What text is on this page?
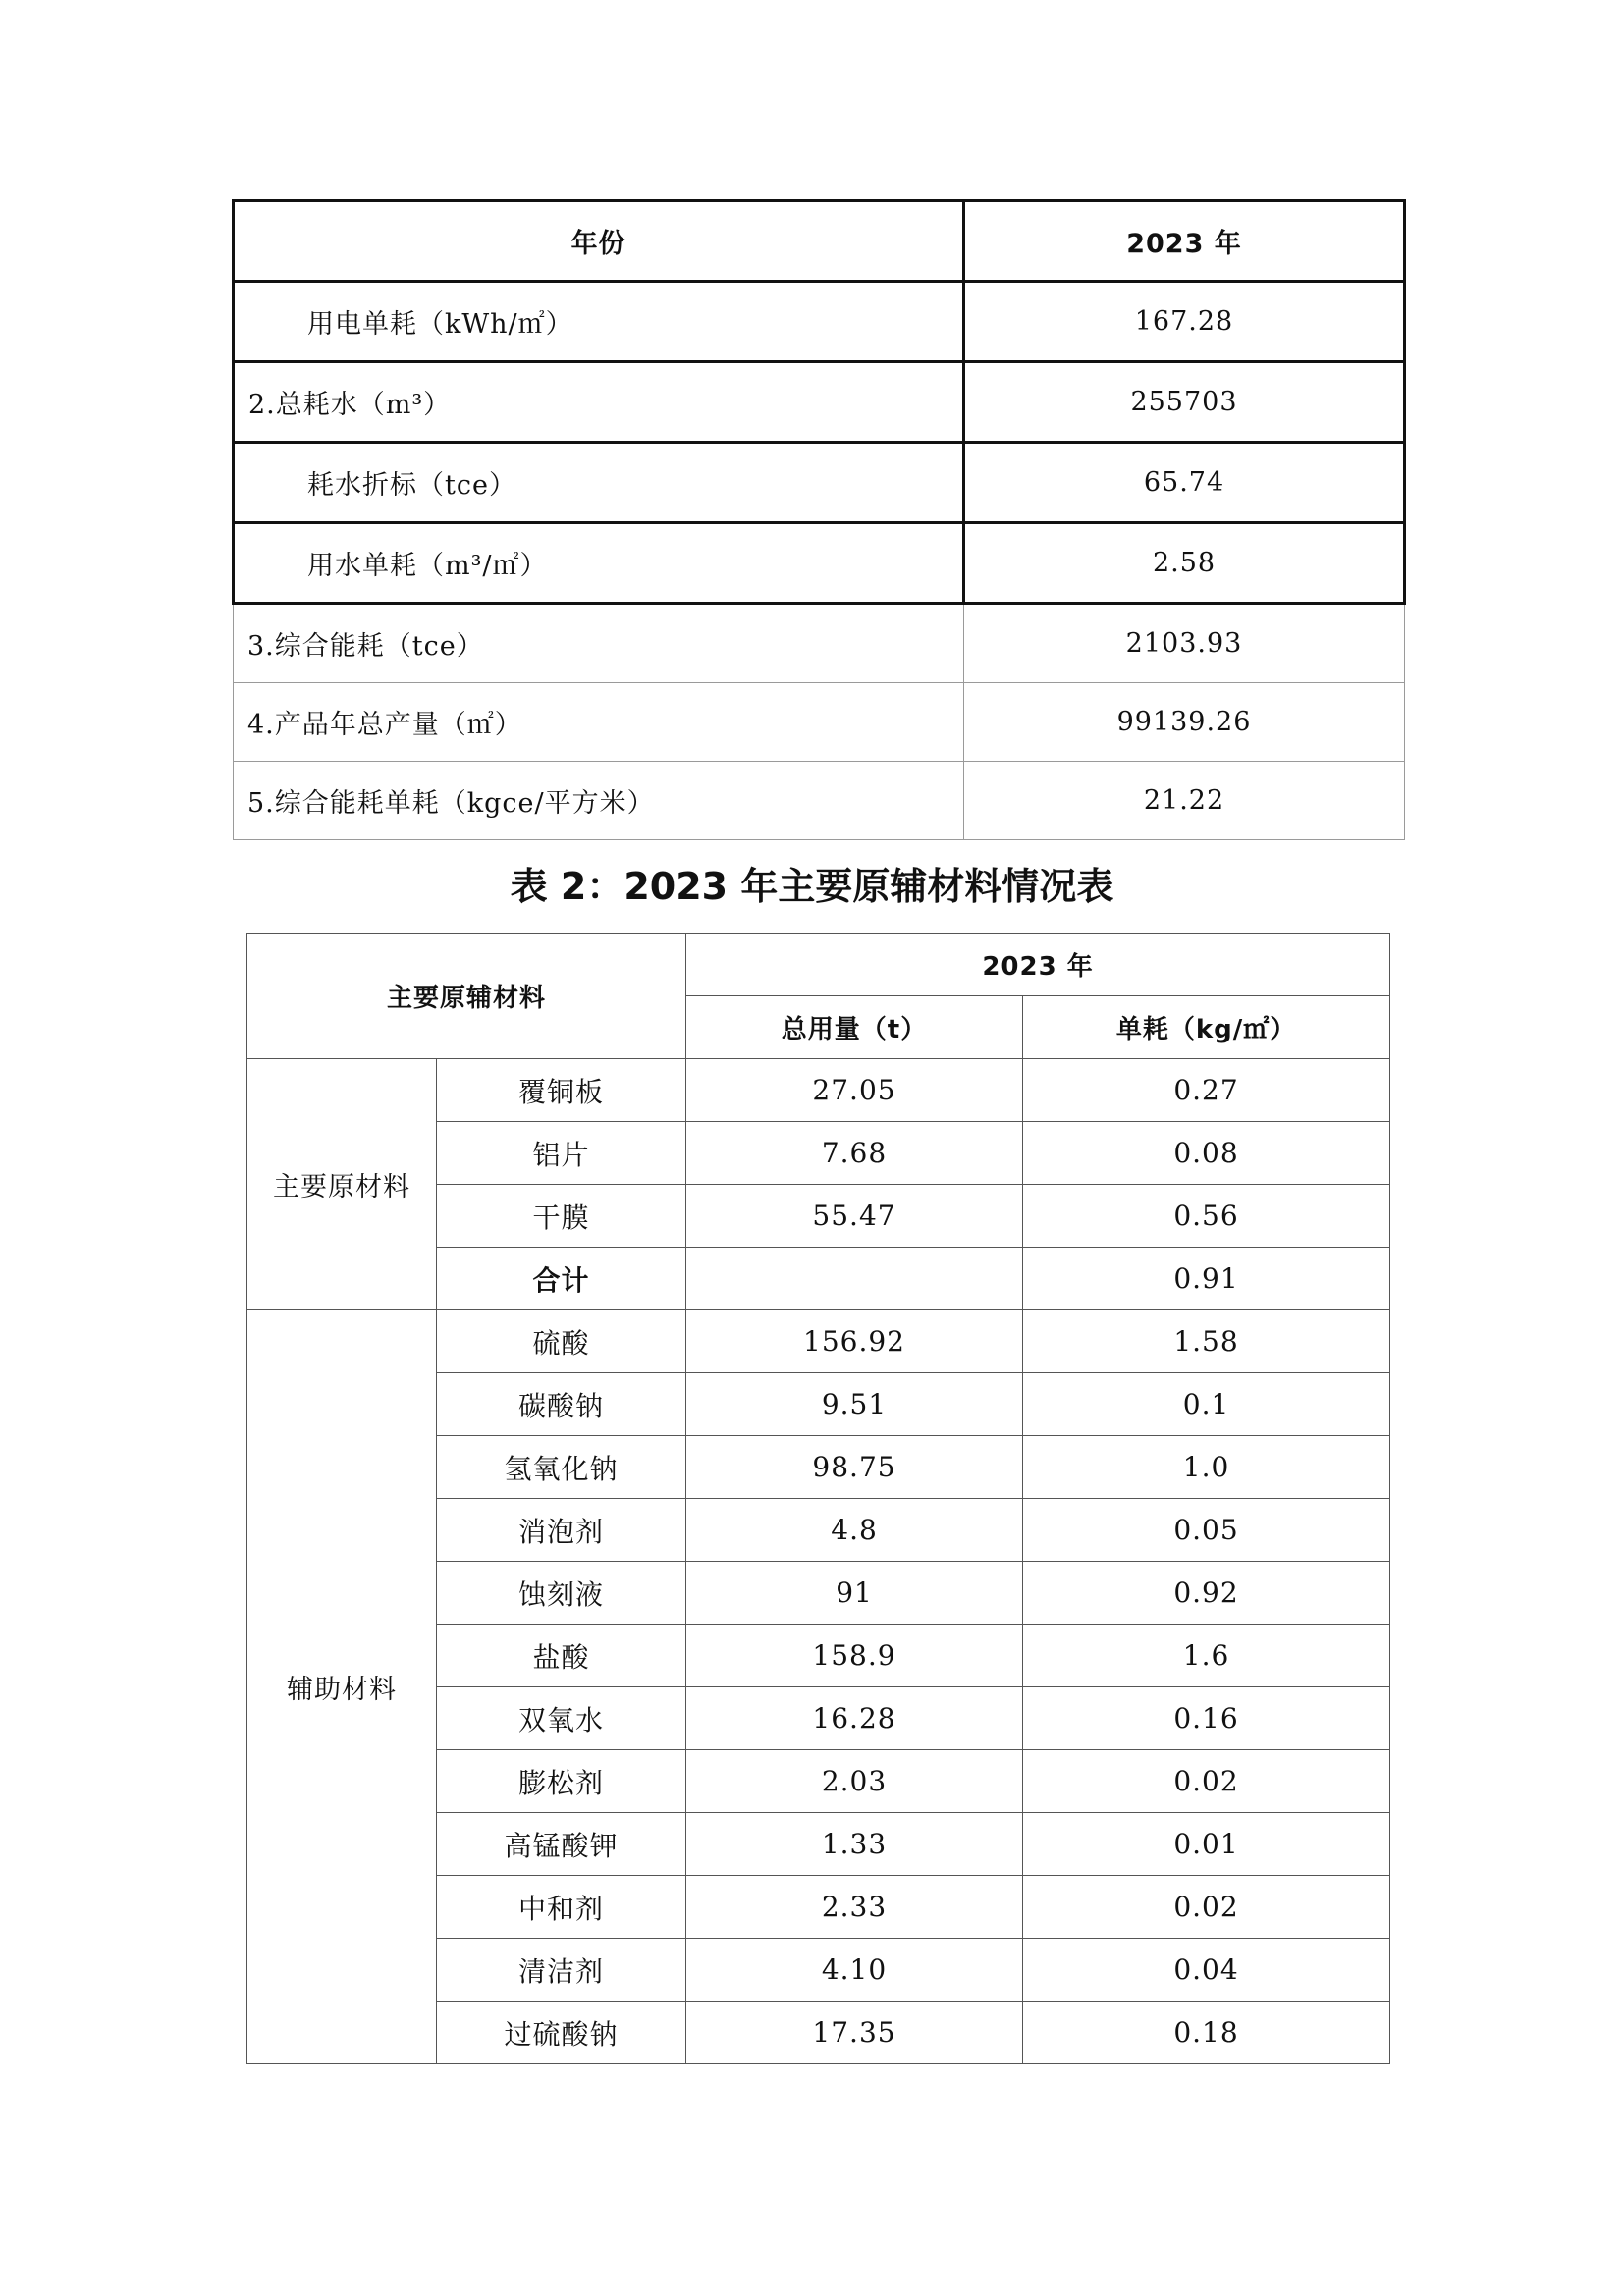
年份	2023 年
用电单耗（kWh/㎡）	167.28
2.总耗水（m³）	255703
耗水折标（tce）	65.74
用水单耗（m³/㎡）	2.58
3.综合能耗（tce）	2103.93
4.产品年总产量（㎡）	99139.26
5.综合能耗单耗（kgce/平方米）	21.22
表 2：2023 年主要原辅材料情况表
主要原辅材料		2023 年	
		总用量（t）	单耗（kg/㎡）
主要原材料	覆铜板	27.05	0.27
	铝片	7.68	0.08
	干膜	55.47	0.56
	合计		0.91
辅助材料	硫酸	156.92	1.58
	碳酸钠	9.51	0.1
	氢氧化钠	98.75	1.0
	消泡剂	4.8	0.05
	蚀刻液	91	0.92
	盐酸	158.9	1.6
	双氧水	16.28	0.16
	膨松剂	2.03	0.02
	高锰酸钾	1.33	0.01
	中和剂	2.33	0.02
	清洁剂	4.10	0.04
	过硫酸钠	17.35	0.18
